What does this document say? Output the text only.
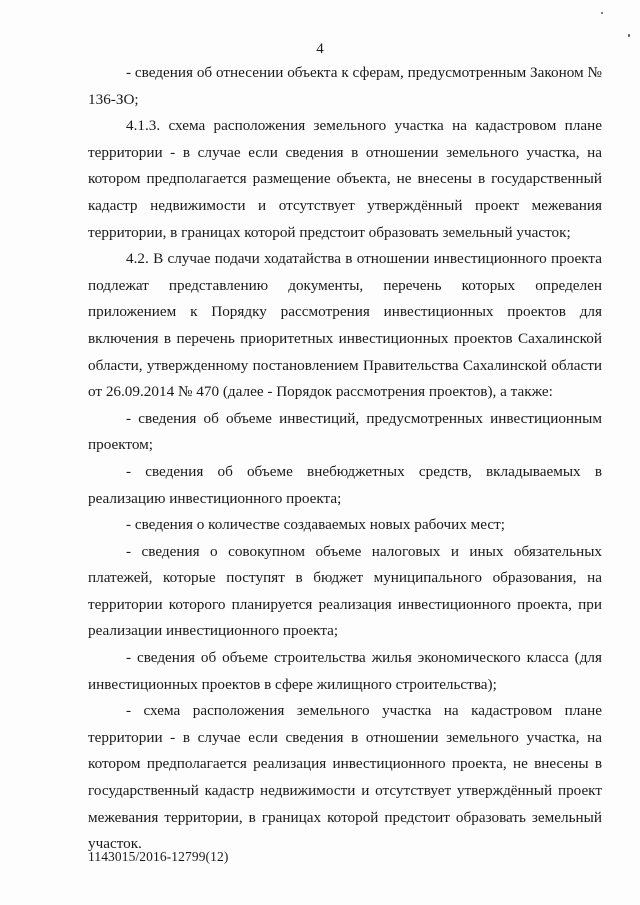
4

- сведения об отнесении объекта к сферам, предусмотренным Законом № 136-ЗО;

4.1.3. схема расположения земельного участка на кадастровом плане территории - в случае если сведения в отношении земельного участка, на котором предполагается размещение объекта, не внесены в государственный кадастр недвижимости и отсутствует утверждённый проект межевания территории, в границах которой предстоит образовать земельный участок;

4.2. В случае подачи ходатайства в отношении инвестиционного проекта подлежат представлению документы, перечень которых определен приложением к Порядку рассмотрения инвестиционных проектов для включения в перечень приоритетных инвестиционных проектов Сахалинской области, утвержденному постановлением Правительства Сахалинской области от 26.09.2014 № 470 (далее - Порядок рассмотрения проектов), а также:

- сведения об объеме инвестиций, предусмотренных инвестиционным проектом;

- сведения об объеме внебюджетных средств, вкладываемых в реализацию инвестиционного проекта;

- сведения о количестве создаваемых новых рабочих мест;

- сведения о совокупном объеме налоговых и иных обязательных платежей, которые поступят в бюджет муниципального образования, на территории которого планируется реализация инвестиционного проекта, при реализации инвестиционного проекта;

- сведения об объеме строительства жилья экономического класса (для инвестиционных проектов в сфере жилищного строительства);

- схема расположения земельного участка на кадастровом плане территории - в случае если сведения в отношении земельного участка, на котором предполагается реализация инвестиционного проекта, не внесены в государственный кадастр недвижимости и отсутствует утверждённый проект межевания территории, в границах которой предстоит образовать земельный участок.

1143015/2016-12799(12)
